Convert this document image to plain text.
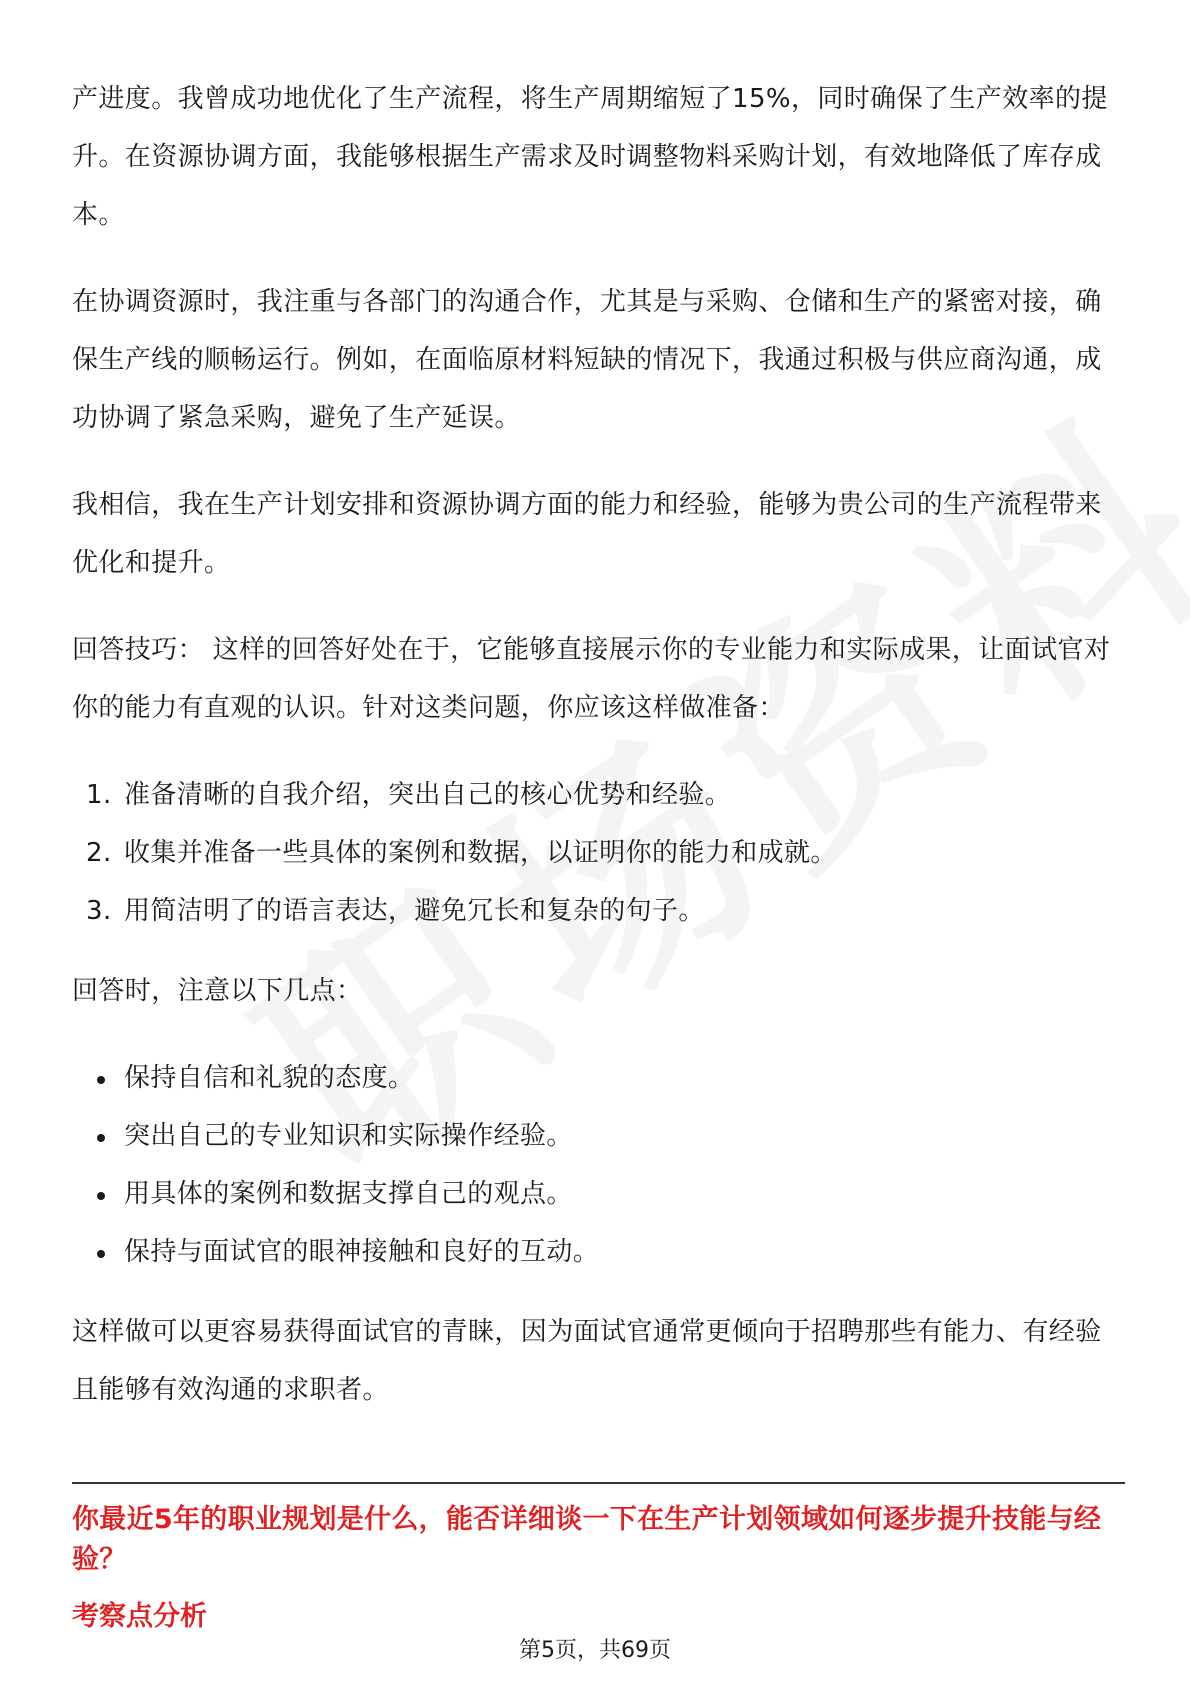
产进度。我曾成功地优化了生产流程，将生产周期缩短了15%，同时确保了生产效率的提升。在资源协调方面，我能够根据生产需求及时调整物料采购计划，有效地降低了库存成本。

在协调资源时，我注重与各部门的沟通合作，尤其是与采购、仓储和生产的紧密对接，确保生产线的顺畅运行。例如，在面临原材料短缺的情况下，我通过积极与供应商沟通，成功协调了紧急采购，避免了生产延误。

我相信，我在生产计划安排和资源协调方面的能力和经验，能够为贵公司的生产流程带来优化和提升。

回答技巧： 这样的回答好处在于，它能够直接展示你的专业能力和实际成果，让面试官对你的能力有直观的认识。针对这类问题，你应该这样做准备：

1. 准备清晰的自我介绍，突出自己的核心优势和经验。
2. 收集并准备一些具体的案例和数据，以证明你的能力和成就。
3. 用简洁明了的语言表达，避免冗长和复杂的句子。

回答时，注意以下几点：

保持自信和礼貌的态度。
突出自己的专业知识和实际操作经验。
用具体的案例和数据支撑自己的观点。
保持与面试官的眼神接触和良好的互动。

这样做可以更容易获得面试官的青睐，因为面试官通常更倾向于招聘那些有能力、有经验且能够有效沟通的求职者。

你最近5年的职业规划是什么，能否详细谈一下在生产计划领域如何逐步提升技能与经验？
考察点分析
第5页，共69页
